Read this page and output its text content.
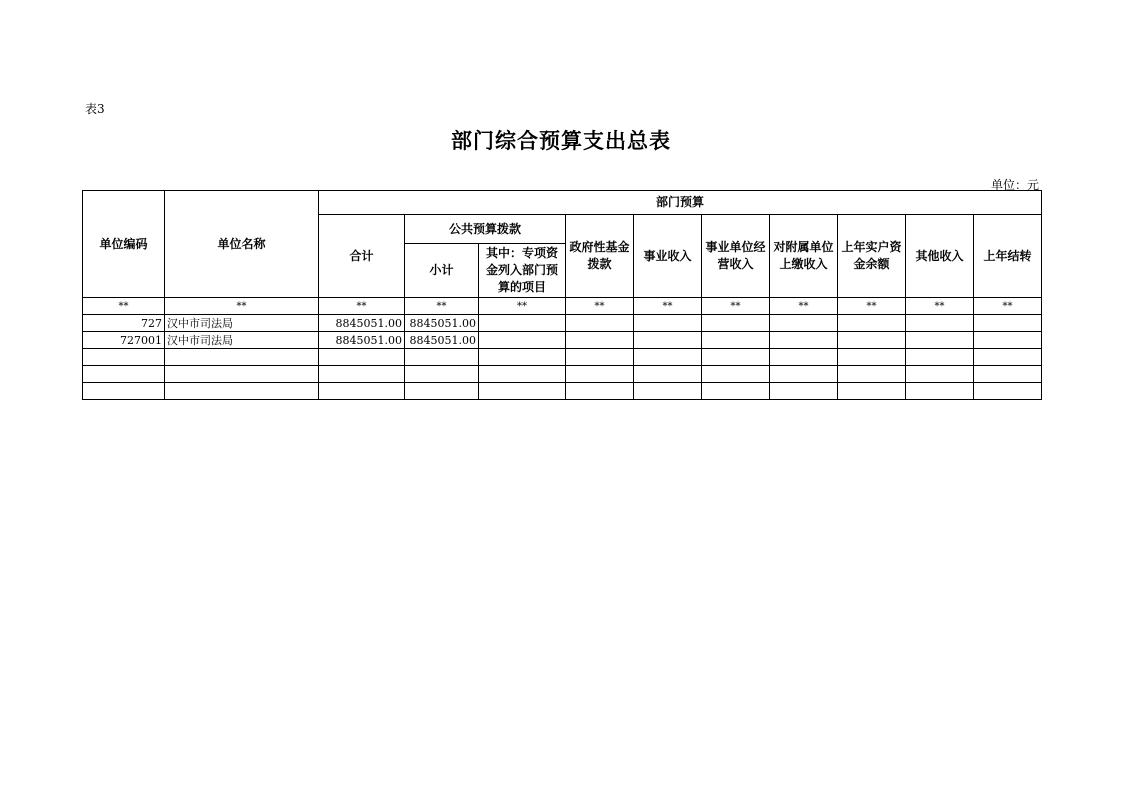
表3
部门综合预算支出总表
单位：元
单位编码	单位名称	部门预算									
		合计	公共预算拨款		政府性基金拨款	事业收入	事业单位经营收入	对附属单位上缴收入	上年实户资金余额	其他收入	上年结转
			小计	其中：专项资金列入部门预算的项目							
**	**	**	**	**	**	**	**	**	**	**	**
727	汉中市司法局	8845051.00	8845051.00								
727001	汉中市司法局	8845051.00	8845051.00								
